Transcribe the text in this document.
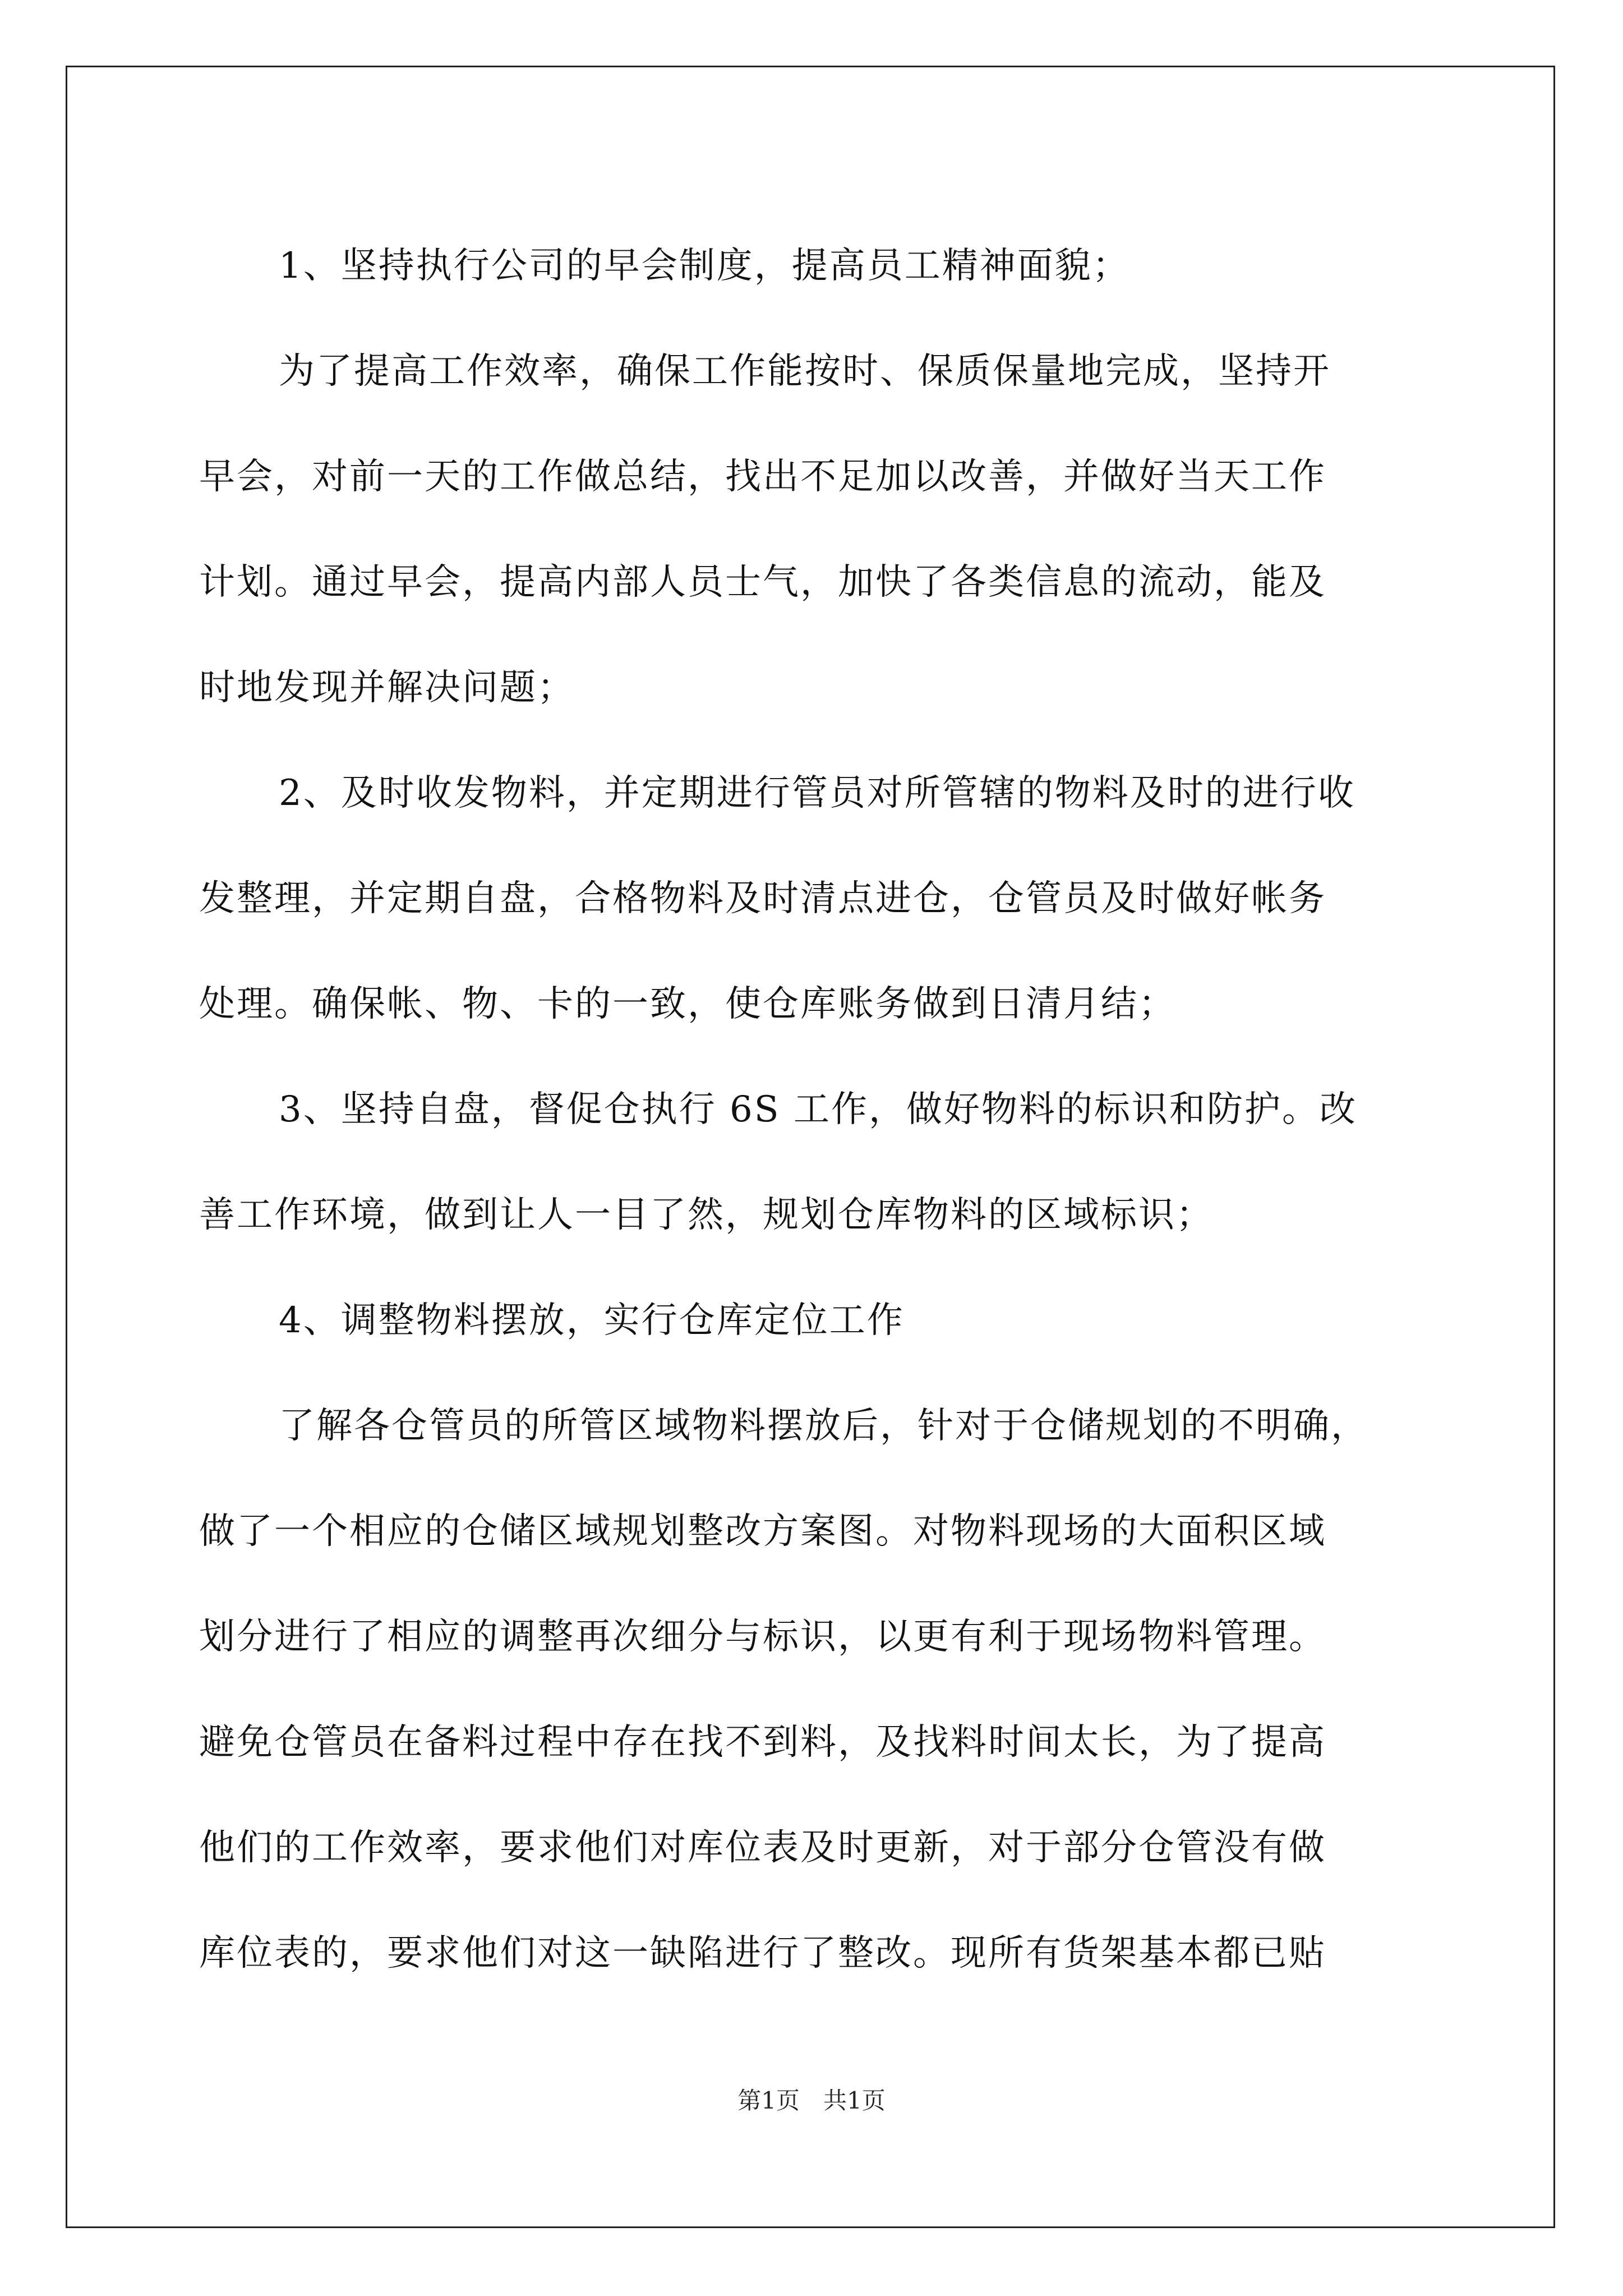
1、坚持执行公司的早会制度，提高员工精神面貌；
为了提高工作效率，确保工作能按时、保质保量地完成，坚持开
早会，对前一天的工作做总结，找出不足加以改善，并做好当天工作
计划。通过早会，提高内部人员士气，加快了各类信息的流动，能及
时地发现并解决问题；
2、及时收发物料，并定期进行管员对所管辖的物料及时的进行收
发整理，并定期自盘，合格物料及时清点进仓，仓管员及时做好帐务
处理。确保帐、物、卡的一致，使仓库账务做到日清月结；
3、坚持自盘，督促仓执行 6S 工作，做好物料的标识和防护。改
善工作环境，做到让人一目了然，规划仓库物料的区域标识；
4、调整物料摆放，实行仓库定位工作
了解各仓管员的所管区域物料摆放后，针对于仓储规划的不明确，
做了一个相应的仓储区域规划整改方案图。对物料现场的大面积区域
划分进行了相应的调整再次细分与标识，以更有利于现场物料管理。
避免仓管员在备料过程中存在找不到料，及找料时间太长，为了提高
他们的工作效率，要求他们对库位表及时更新，对于部分仓管没有做
库位表的，要求他们对这一缺陷进行了整改。现所有货架基本都已贴
第1页　共1页
